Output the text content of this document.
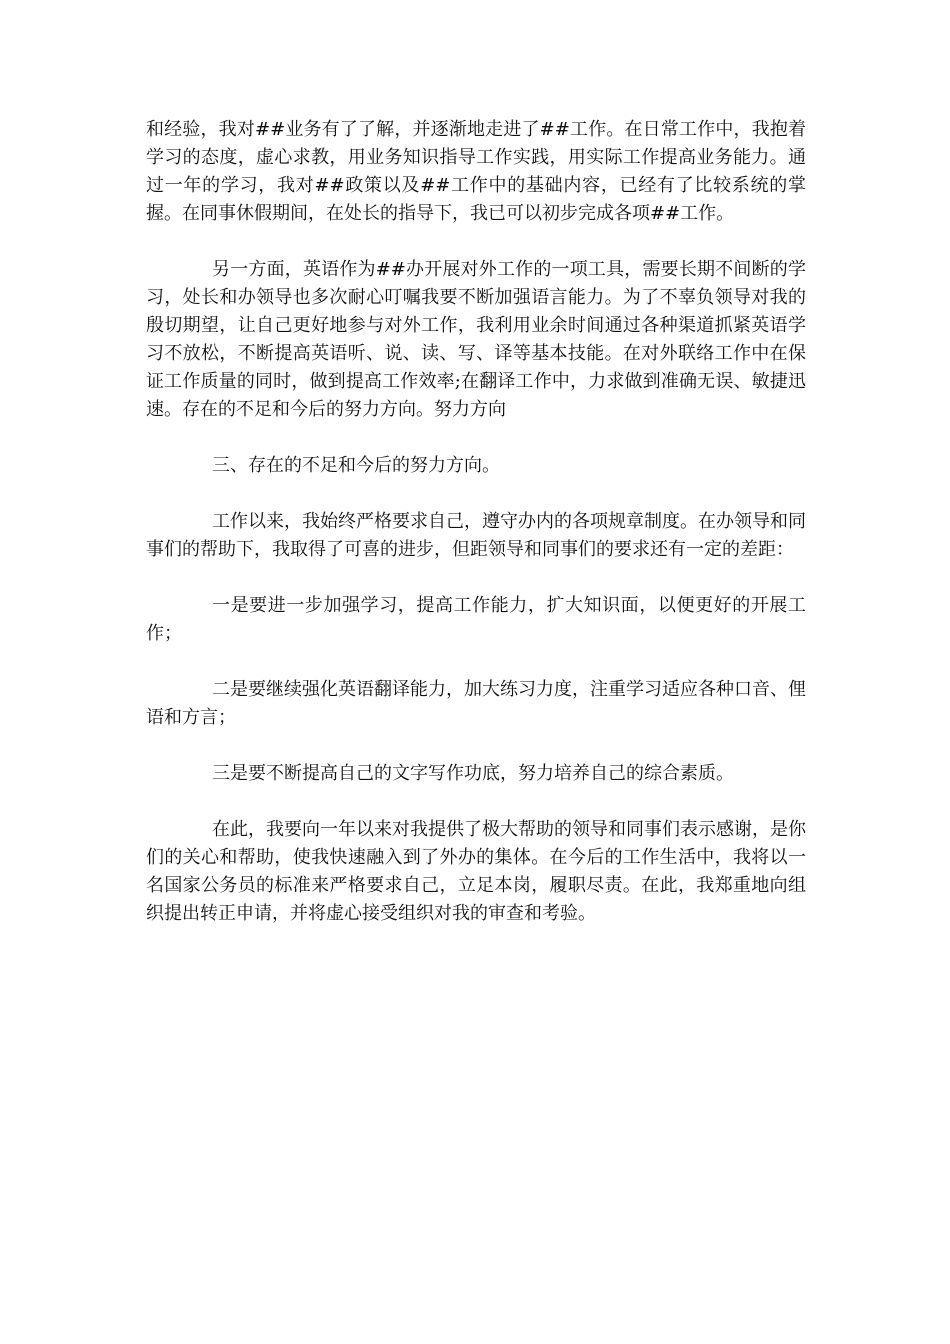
和经验，我对##业务有了了解，并逐渐地走进了##工作。在日常工作中，我抱着学习的态度，虚心求教，用业务知识指导工作实践，用实际工作提高业务能力。通过一年的学习，我对##政策以及##工作中的基础内容，已经有了比较系统的掌握。在同事休假期间，在处长的指导下，我已可以初步完成各项##工作。

另一方面，英语作为##办开展对外工作的一项工具，需要长期不间断的学习，处长和办领导也多次耐心叮嘱我要不断加强语言能力。为了不辜负领导对我的殷切期望，让自己更好地参与对外工作，我利用业余时间通过各种渠道抓紧英语学习不放松，不断提高英语听、说、读、写、译等基本技能。在对外联络工作中在保证工作质量的同时，做到提高工作效率;在翻译工作中，力求做到准确无误、敏捷迅速。存在的不足和今后的努力方向。努力方向

三、存在的不足和今后的努力方向。

工作以来，我始终严格要求自己，遵守办内的各项规章制度。在办领导和同事们的帮助下，我取得了可喜的进步，但距领导和同事们的要求还有一定的差距：

一是要进一步加强学习，提高工作能力，扩大知识面，以便更好的开展工作；

二是要继续强化英语翻译能力，加大练习力度，注重学习适应各种口音、俚语和方言；

三是要不断提高自己的文字写作功底，努力培养自己的综合素质。

在此，我要向一年以来对我提供了极大帮助的领导和同事们表示感谢，是你们的关心和帮助，使我快速融入到了外办的集体。在今后的工作生活中，我将以一名国家公务员的标准来严格要求自己，立足本岗，履职尽责。在此，我郑重地向组织提出转正申请，并将虚心接受组织对我的审查和考验。
